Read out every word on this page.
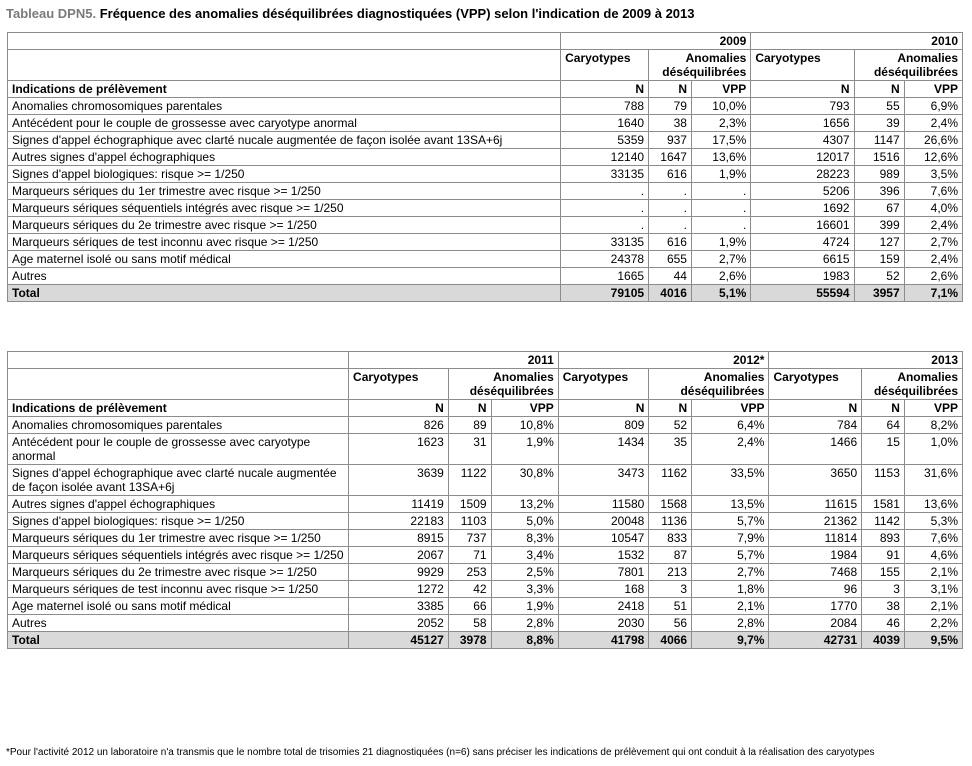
Tableau DPN5. Fréquence des anomalies déséquilibrées diagnostiquées (VPP) selon l'indication de 2009 à 2013
	2009			2010		
	Caryotypes	Anomalies déséquilibrées		Caryotypes	Anomalies déséquilibrées	
Indications de prélèvement	N	N	VPP	N	N	VPP
Anomalies chromosomiques parentales	788	79	10,0%	793	55	6,9%
Antécédent pour le couple de grossesse avec caryotype anormal	1640	38	2,3%	1656	39	2,4%
Signes d'appel échographique avec clarté nucale augmentée de façon isolée avant 13SA+6j	5359	937	17,5%	4307	1147	26,6%
Autres signes d'appel échographiques	12140	1647	13,6%	12017	1516	12,6%
Signes d'appel biologiques: risque >= 1/250	33135	616	1,9%	28223	989	3,5%
Marqueurs sériques du 1er trimestre avec risque >= 1/250	.	.	.	5206	396	7,6%
Marqueurs sériques séquentiels intégrés avec risque >= 1/250	.	.	.	1692	67	4,0%
Marqueurs sériques du 2e trimestre avec risque >= 1/250	.	.	.	16601	399	2,4%
Marqueurs sériques de test inconnu avec risque >= 1/250	33135	616	1,9%	4724	127	2,7%
Age maternel isolé ou sans motif médical	24378	655	2,7%	6615	159	2,4%
Autres	1665	44	2,6%	1983	52	2,6%
Total	79105	4016	5,1%	55594	3957	7,1%
	2011			2012*			2013		
	Caryotypes	Anomalies déséquilibrées		Caryotypes	Anomalies déséquilibrées		Caryotypes	Anomalies déséquilibrées	
Indications de prélèvement	N	N	VPP	N	N	VPP	N	N	VPP
Anomalies chromosomiques parentales	826	89	10,8%	809	52	6,4%	784	64	8,2%
Antécédent pour le couple de grossesse avec caryotype anormal	1623	31	1,9%	1434	35	2,4%	1466	15	1,0%
Signes d'appel échographique avec clarté nucale augmentée de façon isolée avant 13SA+6j	3639	1122	30,8%	3473	1162	33,5%	3650	1153	31,6%
Autres signes d'appel échographiques	11419	1509	13,2%	11580	1568	13,5%	11615	1581	13,6%
Signes d'appel biologiques: risque >= 1/250	22183	1103	5,0%	20048	1136	5,7%	21362	1142	5,3%
Marqueurs sériques du 1er trimestre avec risque >= 1/250	8915	737	8,3%	10547	833	7,9%	11814	893	7,6%
Marqueurs sériques séquentiels intégrés avec risque >= 1/250	2067	71	3,4%	1532	87	5,7%	1984	91	4,6%
Marqueurs sériques du 2e trimestre avec risque >= 1/250	9929	253	2,5%	7801	213	2,7%	7468	155	2,1%
Marqueurs sériques de test inconnu avec risque >= 1/250	1272	42	3,3%	168	3	1,8%	96	3	3,1%
Age maternel isolé ou sans motif médical	3385	66	1,9%	2418	51	2,1%	1770	38	2,1%
Autres	2052	58	2,8%	2030	56	2,8%	2084	46	2,2%
Total	45127	3978	8,8%	41798	4066	9,7%	42731	4039	9,5%
*Pour l'activité 2012 un laboratoire n'a transmis que le nombre total de trisomies 21 diagnostiquées (n=6) sans préciser les indications de prélèvement qui ont conduit à la réalisation des caryotypes
